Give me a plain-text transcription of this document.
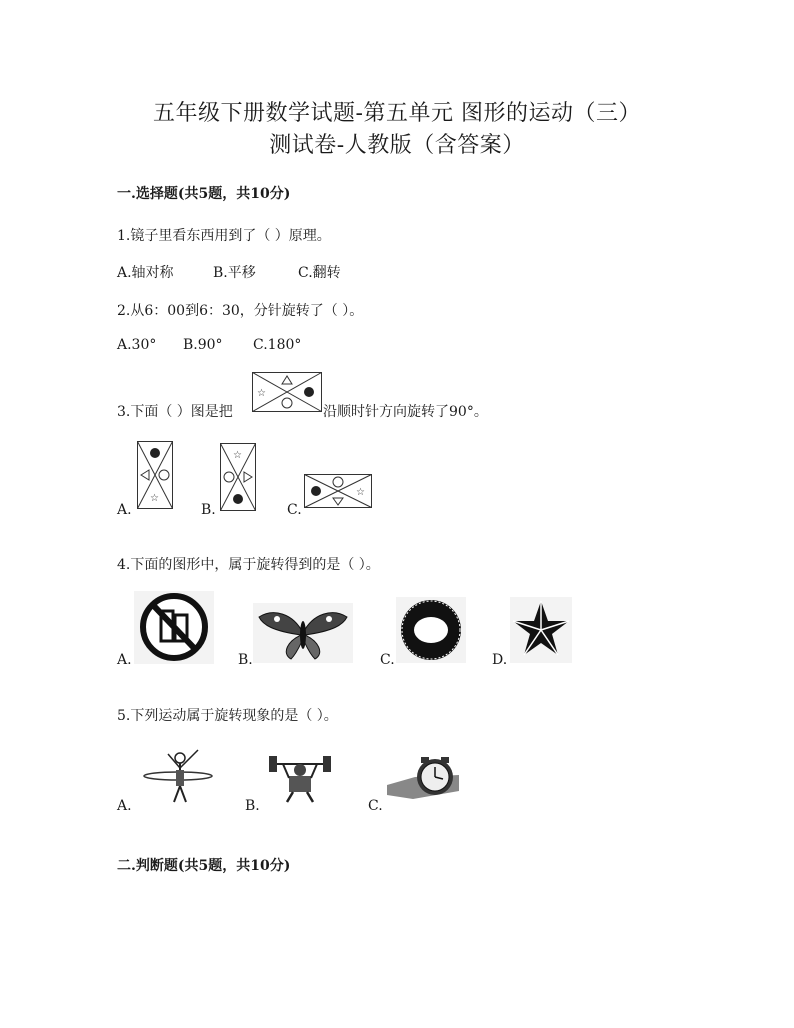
五年级下册数学试题-第五单元 图形的运动（三）
测试卷-人教版（含答案）
一.选择题(共5题，共10分)
1.镜子里看东西用到了（ ）原理。
A.轴对称	B.平移	C.翻转
2.从6：00到6：30，分针旋转了（ ）。
A.30° B.90° C.180°
3.下面（ ）图是把
☆
沿顺时针方向旋转了90°。
A.
☆
B.
☆
C.
☆
4.下面的图形中，属于旋转得到的是（ ）。
A.	B.	C.	D.
5.下列运动属于旋转现象的是（ ）。
A.	B.	C.
二.判断题(共5题，共10分)
